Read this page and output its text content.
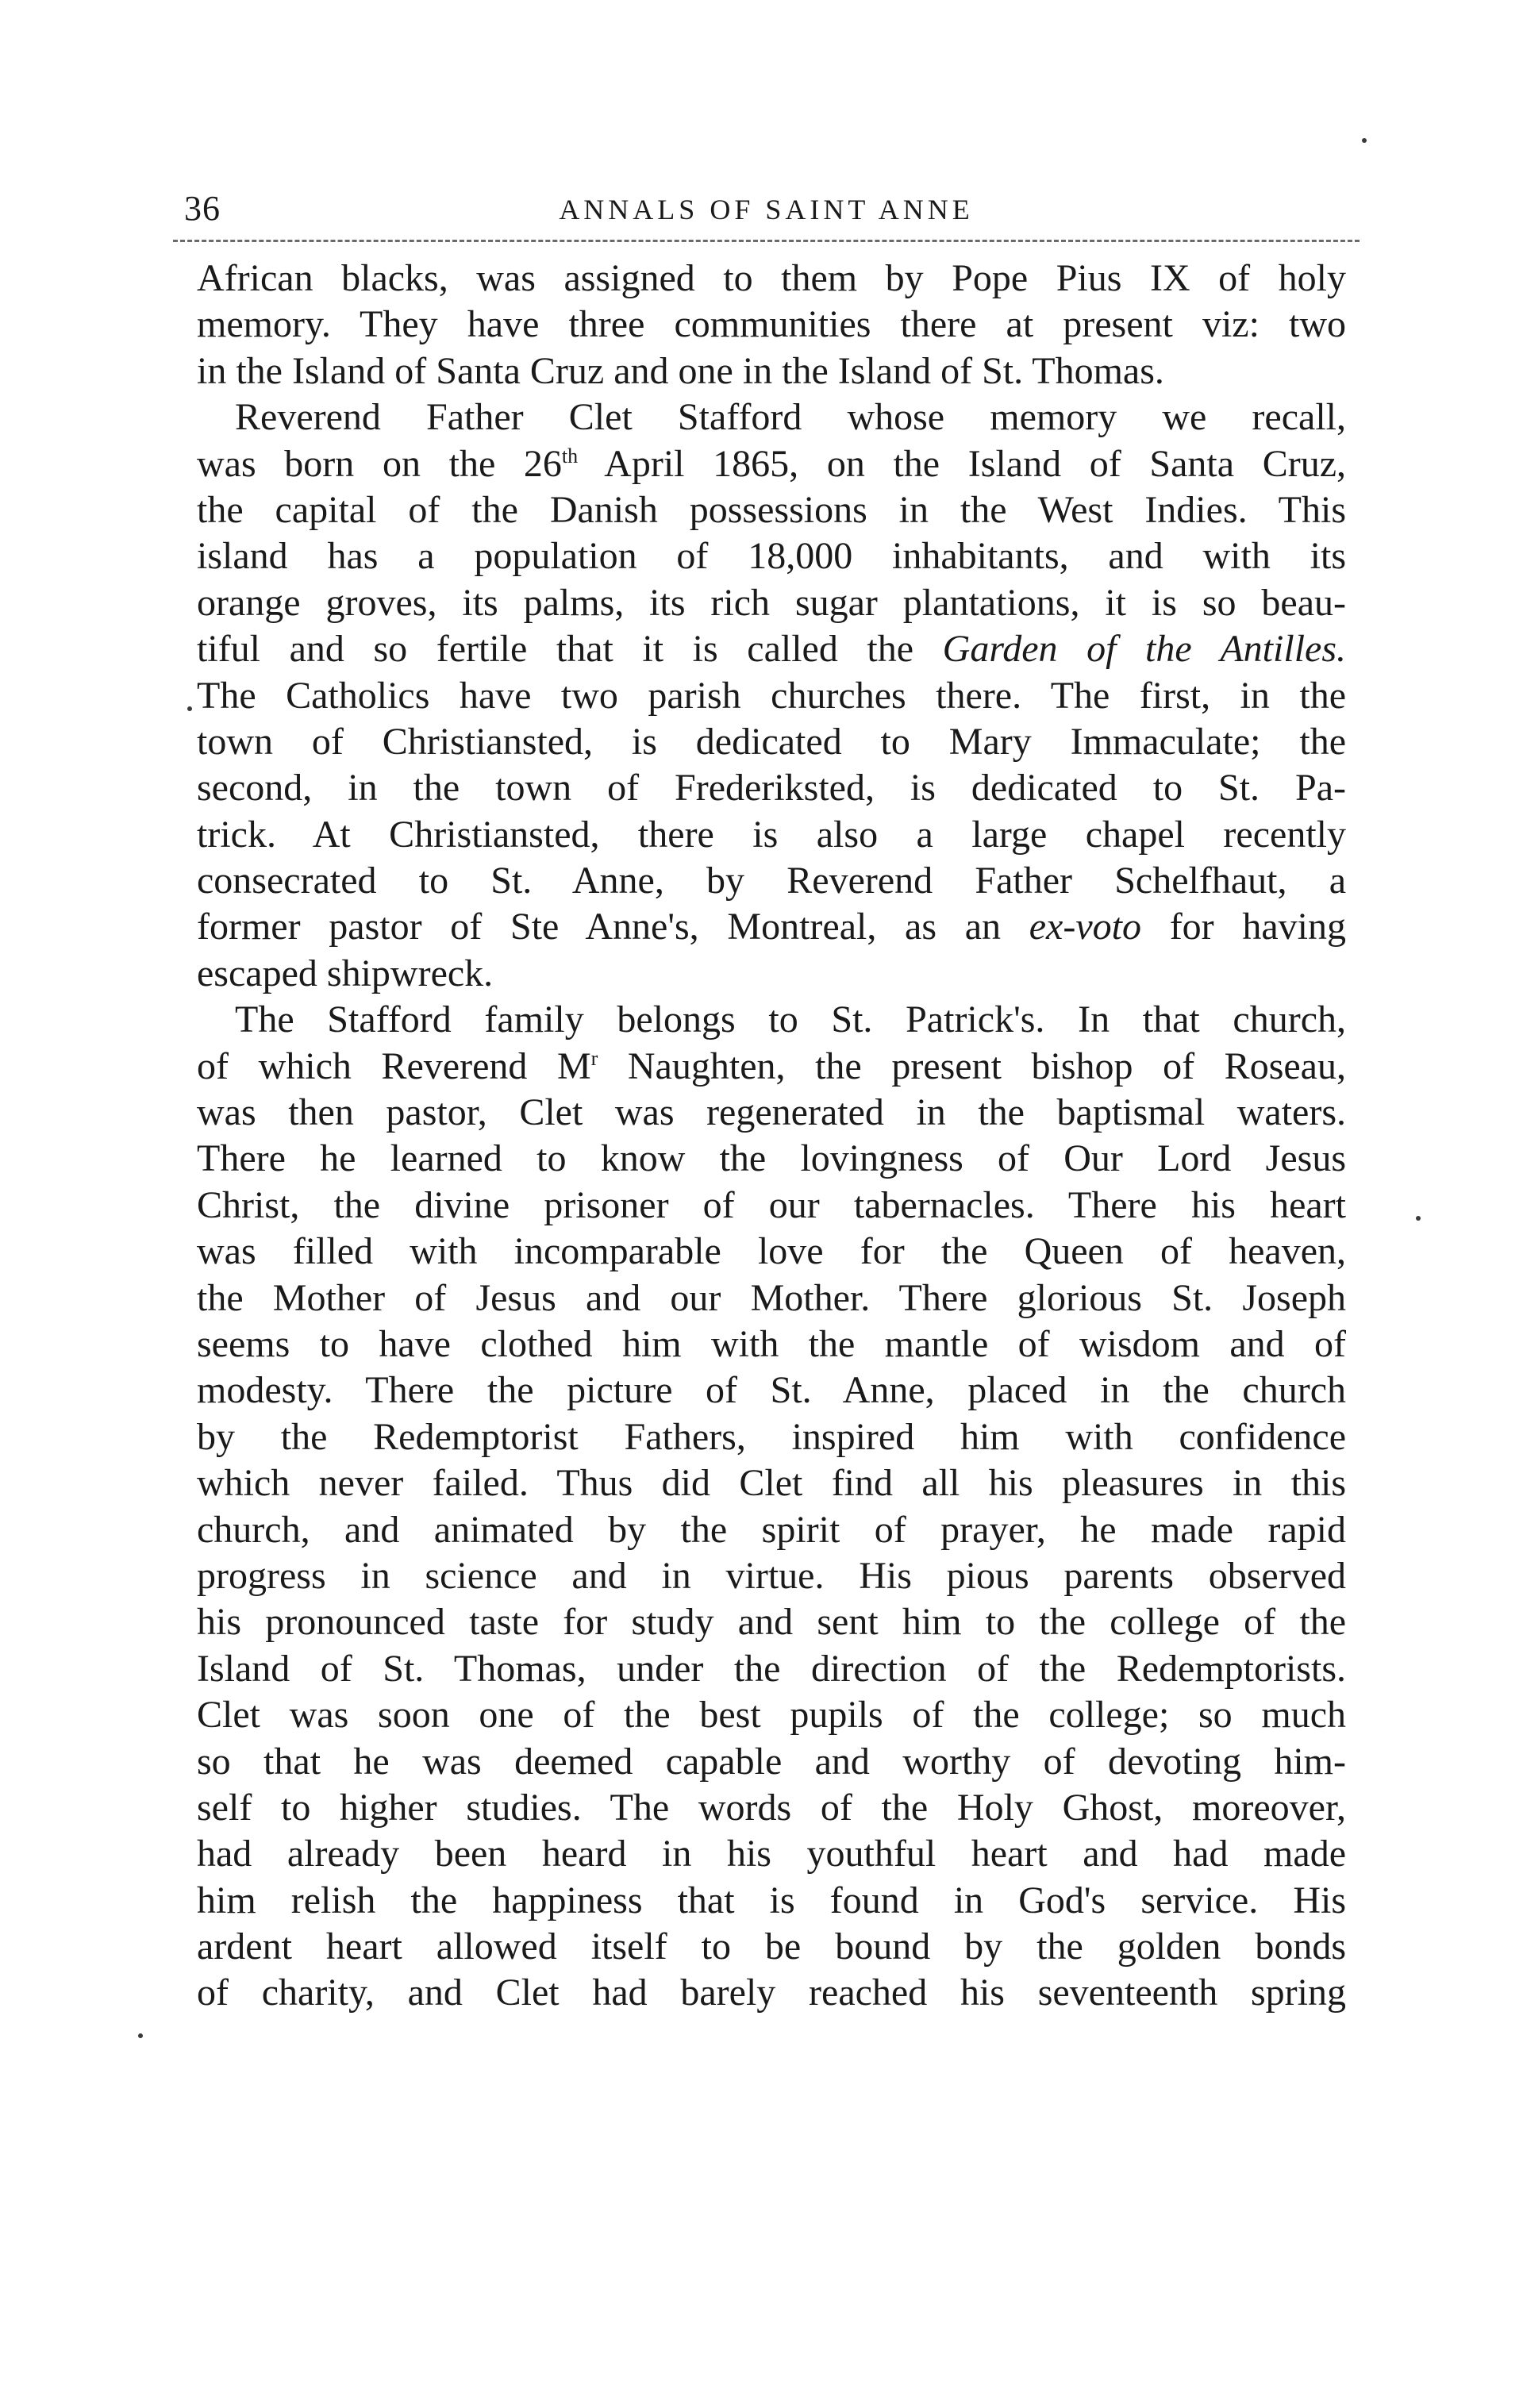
36	ANNALS OF SAINT ANNE
African blacks, was assigned to them by Pope Pius IX of holy
memory. They have three communities there at present viz: two
in the Island of Santa Cruz and one in the Island of St. Thomas.
Reverend Father Clet Stafford whose memory we recall,
was born on the 26th April 1865, on the Island of Santa Cruz,
the capital of the Danish possessions in the West Indies. This
island has a population of 18,000 inhabitants, and with its
orange groves, its palms, its rich sugar plantations, it is so beau-
tiful and so fertile that it is called the Garden of the Antilles.
The Catholics have two parish churches there. The first, in the
town of Christiansted, is dedicated to Mary Immaculate; the
second, in the town of Frederiksted, is dedicated to St. Pa-
trick. At Christiansted, there is also a large chapel recently
consecrated to St. Anne, by Reverend Father Schelfhaut, a
former pastor of Ste Anne's, Montreal, as an ex-voto for having
escaped shipwreck.
The Stafford family belongs to St. Patrick's. In that church,
of which Reverend $M^r$ Naughten, the present bishop of Roseau,
was then pastor, Clet was regenerated in the baptismal waters.
There he learned to know the lovingness of Our Lord Jesus
Christ, the divine prisoner of our tabernacles. There his heart
was filled with incomparable love for the Queen of heaven,
the Mother of Jesus and our Mother. There glorious St. Joseph
seems to have clothed him with the mantle of wisdom and of
modesty. There the picture of St. Anne, placed in the church
by the Redemptorist Fathers, inspired him with confidence
which never failed. Thus did Clet find all his pleasures in this
church, and animated by the spirit of prayer, he made rapid
progress in science and in virtue. His pious parents observed
his pronounced taste for study and sent him to the college of the
Island of St. Thomas, under the direction of the Redemptorists.
Clet was soon one of the best pupils of the college; so much
so that he was deemed capable and worthy of devoting him-
self to higher studies. The words of the Holy Ghost, moreover,
had already been heard in his youthful heart and had made
him relish the happiness that is found in God's service. His
ardent heart allowed itself to be bound by the golden bonds
of charity, and Clet had barely reached his seventeenth spring
